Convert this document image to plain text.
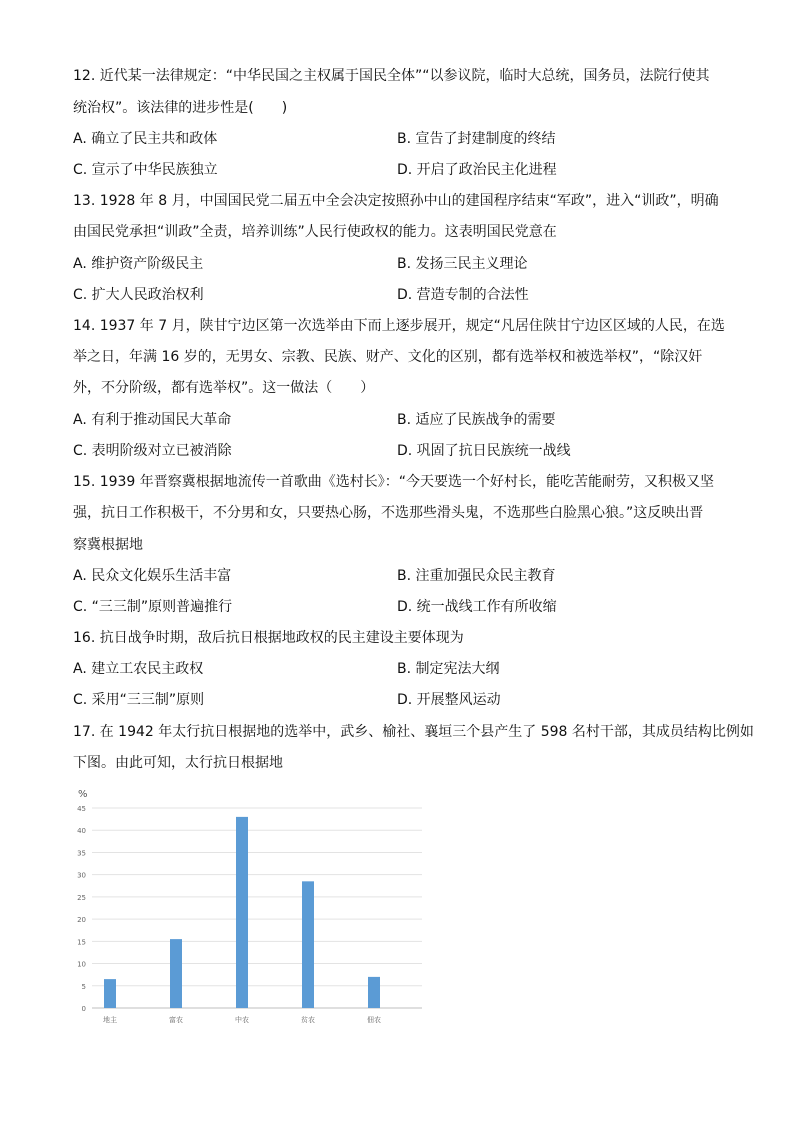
12. 近代某一法律规定：“中华民国之主权属于国民全体”“以参议院，临时大总统，国务员，法院行使其
统治权”。该法律的进步性是(　　)
A. 确立了民主共和政体	B. 宣告了封建制度的终结
C. 宣示了中华民族独立	D. 开启了政治民主化进程
13. 1928 年 8 月，中国国民党二届五中全会决定按照孙中山的建国程序结束“军政”，进入“训政”，明确
由国民党承担“训政”全责，培养训练”人民行使政权的能力。这表明国民党意在
A. 维护资产阶级民主	B. 发扬三民主义理论
C. 扩大人民政治权利	D. 营造专制的合法性
14. 1937 年 7 月，陕甘宁边区第一次选举由下而上逐步展开，规定“凡居住陕甘宁边区区域的人民，在选
举之日，年满 16 岁的，无男女、宗教、民族、财产、文化的区别，都有选举权和被选举权”，“除汉奸
外，不分阶级，都有选举权”。这一做法（　　）
A. 有利于推动国民大革命	B. 适应了民族战争的需要
C. 表明阶级对立已被消除	D. 巩固了抗日民族统一战线
15. 1939 年晋察冀根据地流传一首歌曲《选村长》：“今天要选一个好村长，能吃苦能耐劳，又积极又坚
强，抗日工作积极干，不分男和女，只要热心肠，不选那些滑头鬼，不选那些白脸黑心狼。”这反映出晋
察冀根据地
A. 民众文化娱乐生活丰富	B. 注重加强民众民主教育
C. “三三制”原则普遍推行	D. 统一战线工作有所收缩
16. 抗日战争时期，敌后抗日根据地政权的民主建设主要体现为
A. 建立工农民主政权	B. 制定宪法大纲
C. 采用“三三制”原则	D. 开展整风运动
17. 在 1942 年太行抗日根据地的选举中，武乡、榆社、襄垣三个县产生了 598 名村干部，其成员结构比例如
下图。由此可知，太行抗日根据地
%
0
5
10
15
20
25
30
35
40
45
地主	富农	中农	贫农	佃农
